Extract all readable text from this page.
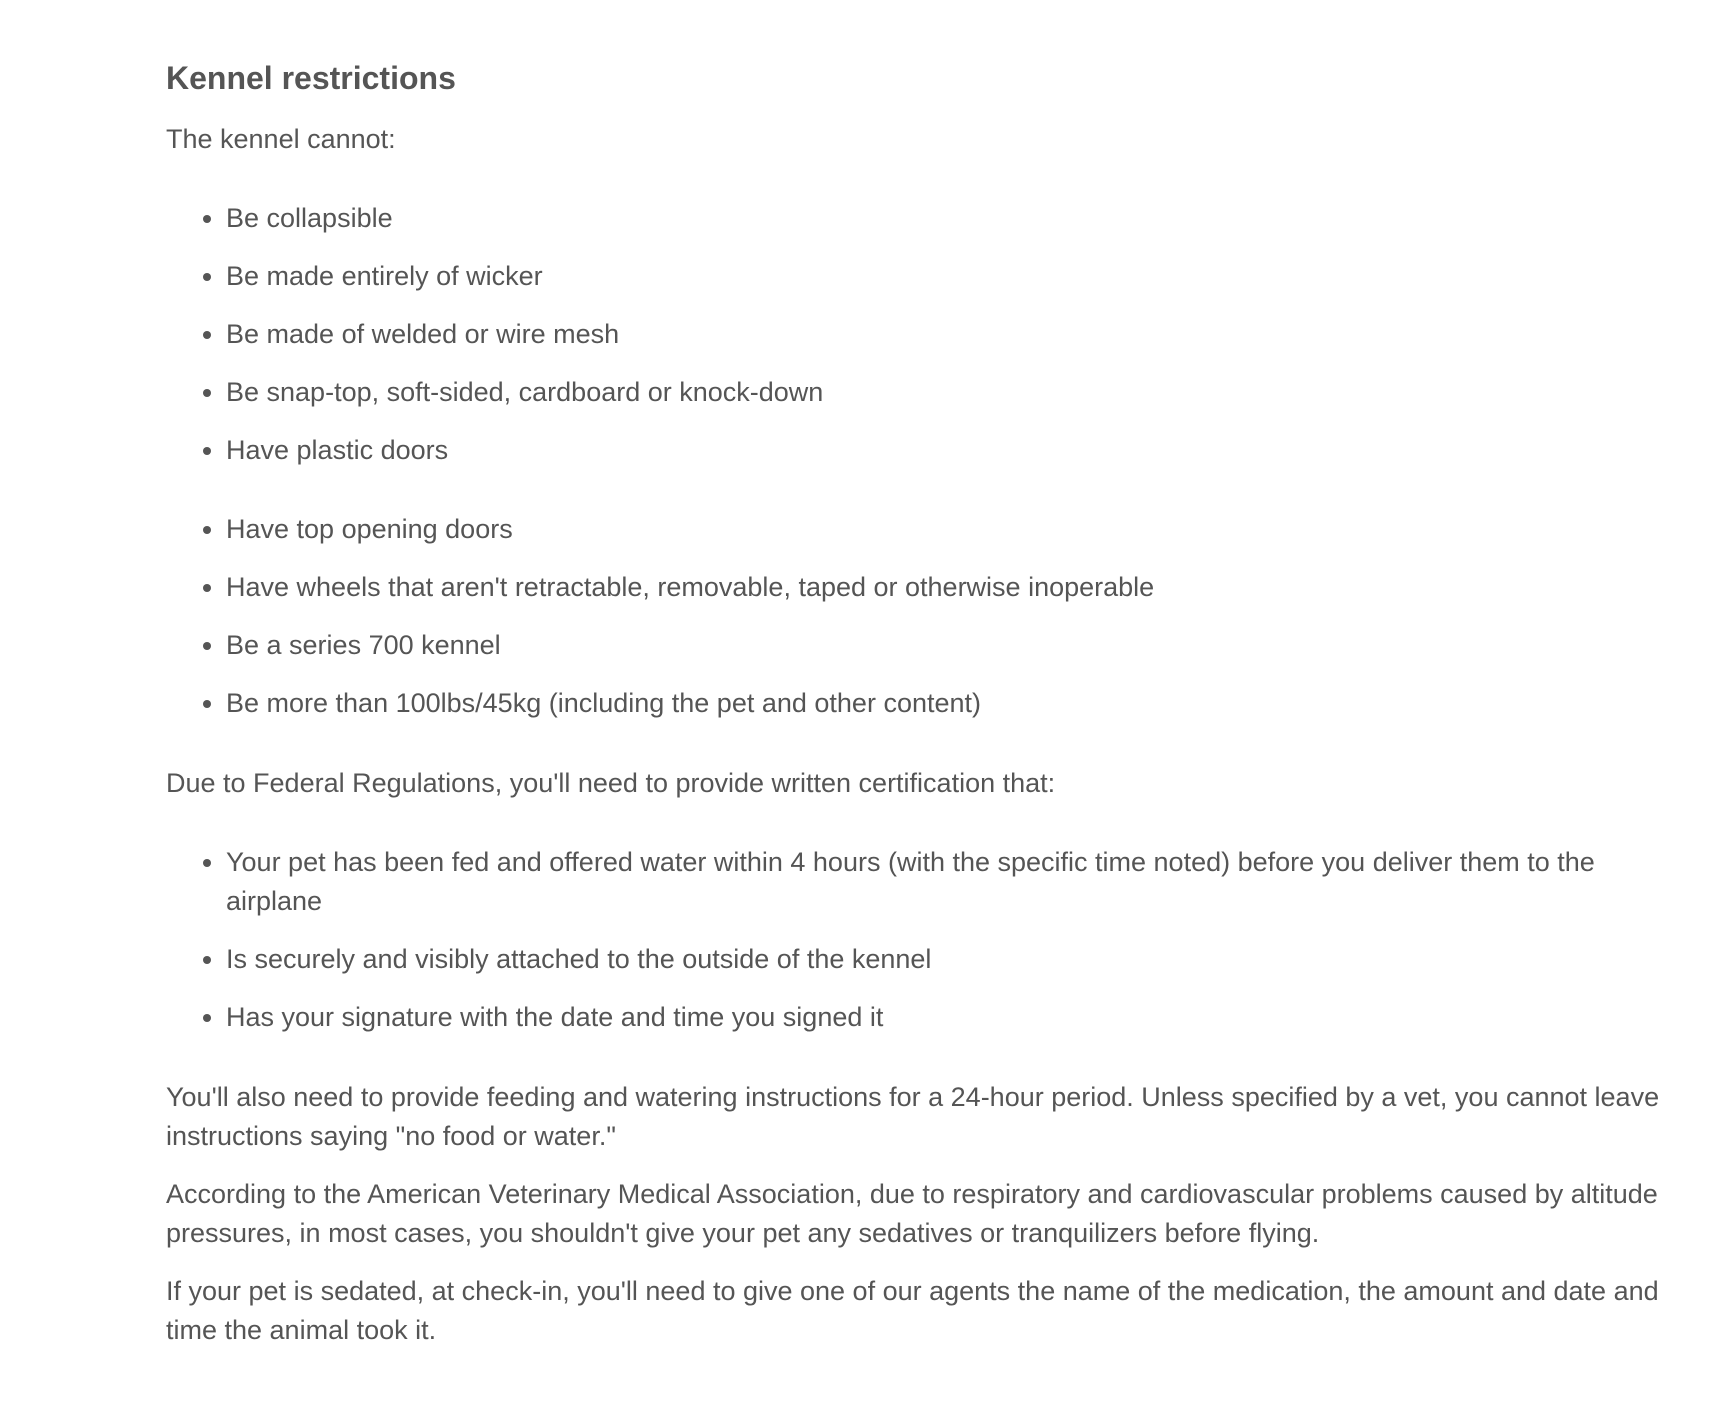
Kennel restrictions

The kennel cannot:

• Be collapsible
• Be made entirely of wicker
• Be made of welded or wire mesh
• Be snap-top, soft-sided, cardboard or knock-down
• Have plastic doors
• Have top opening doors
• Have wheels that aren't retractable, removable, taped or otherwise inoperable
• Be a series 700 kennel
• Be more than 100lbs/45kg (including the pet and other content)

Due to Federal Regulations, you'll need to provide written certification that:

• Your pet has been fed and offered water within 4 hours (with the specific time noted) before you deliver them to the airplane
• Is securely and visibly attached to the outside of the kennel
• Has your signature with the date and time you signed it

You'll also need to provide feeding and watering instructions for a 24-hour period. Unless specified by a vet, you cannot leave instructions saying "no food or water."

According to the American Veterinary Medical Association, due to respiratory and cardiovascular problems caused by altitude pressures, in most cases, you shouldn't give your pet any sedatives or tranquilizers before flying.

If your pet is sedated, at check-in, you'll need to give one of our agents the name of the medication, the amount and date and time the animal took it.
